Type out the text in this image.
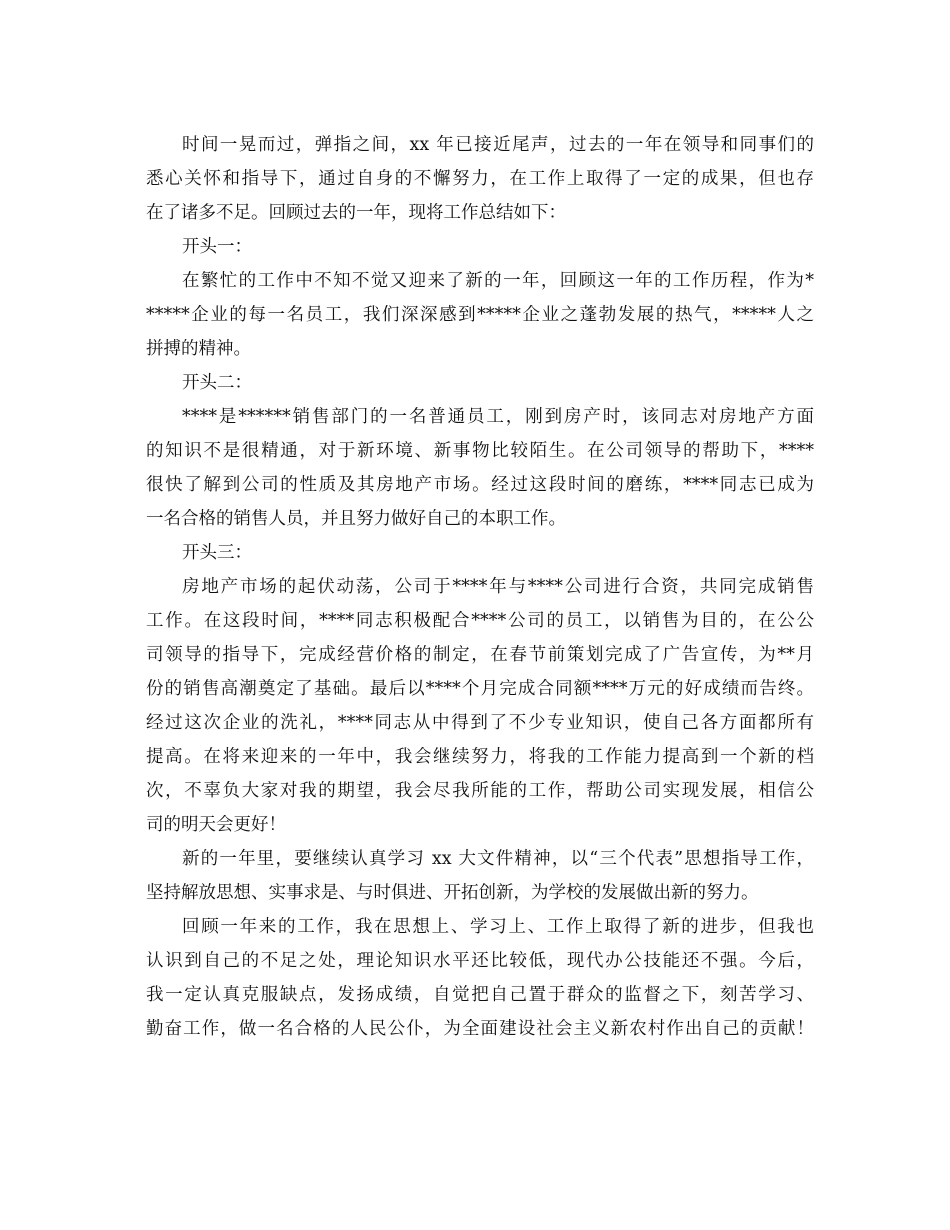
时间一晃而过，弹指之间，xx 年已接近尾声，过去的一年在领导和同事们的
悉心关怀和指导下，通过自身的不懈努力，在工作上取得了一定的成果，但也存
在了诸多不足。回顾过去的一年，现将工作总结如下：
开头一：
在繁忙的工作中不知不觉又迎来了新的一年，回顾这一年的工作历程，作为*
*****企业的每一名员工，我们深深感到*****企业之蓬勃发展的热气，*****人之
拼搏的精神。
开头二：
****是******销售部门的一名普通员工，刚到房产时，该同志对房地产方面
的知识不是很精通，对于新环境、新事物比较陌生。在公司领导的帮助下，****
很快了解到公司的性质及其房地产市场。经过这段时间的磨练，****同志已成为
一名合格的销售人员，并且努力做好自己的本职工作。
开头三：
房地产市场的起伏动荡，公司于****年与****公司进行合资，共同完成销售
工作。在这段时间，****同志积极配合****公司的员工，以销售为目的，在公公
司领导的指导下，完成经营价格的制定，在春节前策划完成了广告宣传，为**月
份的销售高潮奠定了基础。最后以****个月完成合同额****万元的好成绩而告终。
经过这次企业的洗礼，****同志从中得到了不少专业知识，使自己各方面都所有
提高。在将来迎来的一年中，我会继续努力，将我的工作能力提高到一个新的档
次，不辜负大家对我的期望，我会尽我所能的工作，帮助公司实现发展，相信公
司的明天会更好！
新的一年里，要继续认真学习 xx 大文件精神，以“三个代表”思想指导工作，
坚持解放思想、实事求是、与时俱进、开拓创新，为学校的发展做出新的努力。
回顾一年来的工作，我在思想上、学习上、工作上取得了新的进步，但我也
认识到自己的不足之处，理论知识水平还比较低，现代办公技能还不强。今后，
我一定认真克服缺点，发扬成绩，自觉把自己置于群众的监督之下，刻苦学习、
勤奋工作，做一名合格的人民公仆，为全面建设社会主义新农村作出自己的贡献！
